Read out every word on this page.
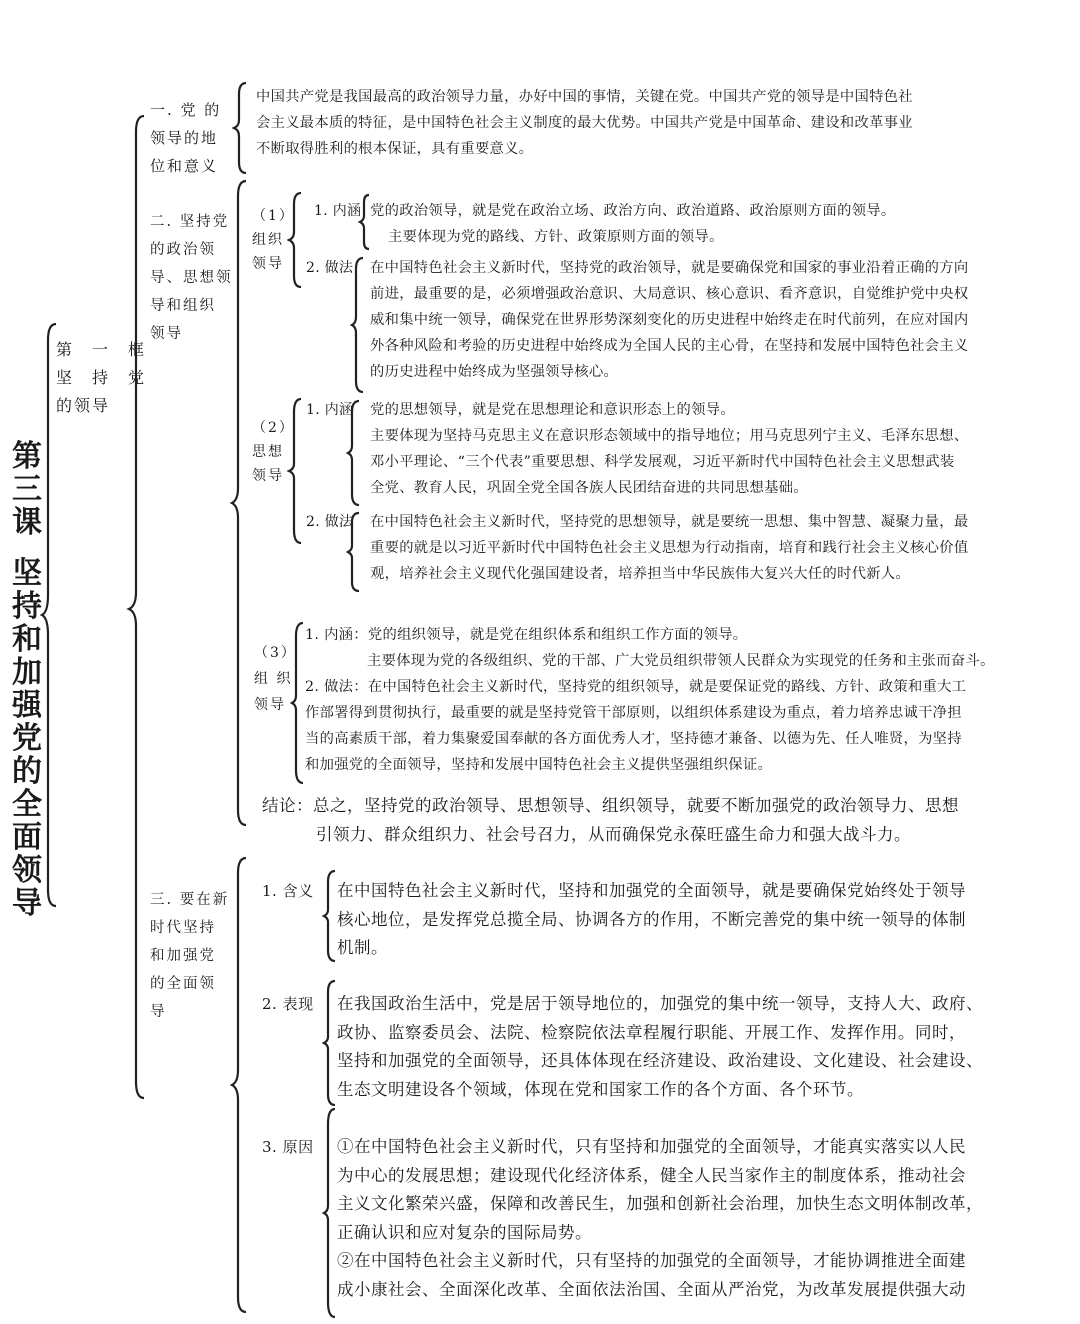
第
三
课
坚
持
和
加
强
党
的
全
面
领
导
第　一　框
坚　持　党
的领导
一. 党 的
领导的地
位和意义
中国共产党是我国最高的政治领导力量，办好中国的事情，关键在党。中国共产党的领导是中国特色社
会主义最本质的特征，是中国特色社会主义制度的最大优势。中国共产党是中国革命、建设和改革事业
不断取得胜利的根本保证，具有重要意义。
二. 坚持党
的政治领
导、思想领
导和组织
领导
（1）
组织
领导
1. 内涵 党的政治领导，就是党在政治立场、政治方向、政治道路、政治原则方面的领导。
主要体现为党的路线、方针、政策原则方面的领导。
2. 做法 在中国特色社会主义新时代，坚持党的政治领导，就是要确保党和国家的事业沿着正确的方向
前进，最重要的是，必须增强政治意识、大局意识、核心意识、看齐意识，自觉维护党中央权
威和集中统一领导，确保党在世界形势深刻变化的历史进程中始终走在时代前列，在应对国内
外各种风险和考验的历史进程中始终成为全国人民的主心骨，在坚持和发展中国特色社会主义
的历史进程中始终成为坚强领导核心。
（2）
思想
领导
1. 内涵 党的思想领导，就是党在思想理论和意识形态上的领导。
主要体现为坚持马克思主义在意识形态领域中的指导地位；用马克思列宁主义、毛泽东思想、
邓小平理论、“三个代表”重要思想、科学发展观，习近平新时代中国特色社会主义思想武装
全党、教育人民，巩固全党全国各族人民团结奋进的共同思想基础。
2. 做法 在中国特色社会主义新时代，坚持党的思想领导，就是要统一思想、集中智慧、凝聚力量，最
重要的就是以习近平新时代中国特色社会主义思想为行动指南，培育和践行社会主义核心价值
观，培养社会主义现代化强国建设者，培养担当中华民族伟大复兴大任的时代新人。
（3）
组 织
领导
1. 内涵：党的组织领导，就是党在组织体系和组织工作方面的领导。
主要体现为党的各级组织、党的干部、广大党员组织带领人民群众为实现党的任务和主张而奋斗。
2. 做法：在中国特色社会主义新时代，坚持党的组织领导，就是要保证党的路线、方针、政策和重大工
作部署得到贯彻执行，最重要的就是坚持党管干部原则，以组织体系建设为重点，着力培养忠诚干净担
当的高素质干部，着力集聚爱国奉献的各方面优秀人才，坚持德才兼备、以德为先、任人唯贤，为坚持
和加强党的全面领导，坚持和发展中国特色社会主义提供坚强组织保证。
结论：总之，坚持党的政治领导、思想领导、组织领导，就要不断加强党的政治领导力、思想
引领力、群众组织力、社会号召力，从而确保党永葆旺盛生命力和强大战斗力。
三. 要在新
时代坚持
和加强党
的全面领
导
1. 含义 在中国特色社会主义新时代，坚持和加强党的全面领导，就是要确保党始终处于领导
核心地位，是发挥党总揽全局、协调各方的作用，不断完善党的集中统一领导的体制
机制。
2. 表现 在我国政治生活中，党是居于领导地位的，加强党的集中统一领导，支持人大、政府、
政协、监察委员会、法院、检察院依法章程履行职能、开展工作、发挥作用。同时，
坚持和加强党的全面领导，还具体体现在经济建设、政治建设、文化建设、社会建设、
生态文明建设各个领域，体现在党和国家工作的各个方面、各个环节。
3. 原因 ①在中国特色社会主义新时代，只有坚持和加强党的全面领导，才能真实落实以人民
为中心的发展思想；建设现代化经济体系，健全人民当家作主的制度体系，推动社会
主义文化繁荣兴盛，保障和改善民生，加强和创新社会治理，加快生态文明体制改革，
正确认识和应对复杂的国际局势。
②在中国特色社会主义新时代，只有坚持的加强党的全面领导，才能协调推进全面建
成小康社会、全面深化改革、全面依法治国、全面从严治党，为改革发展提供强大动
